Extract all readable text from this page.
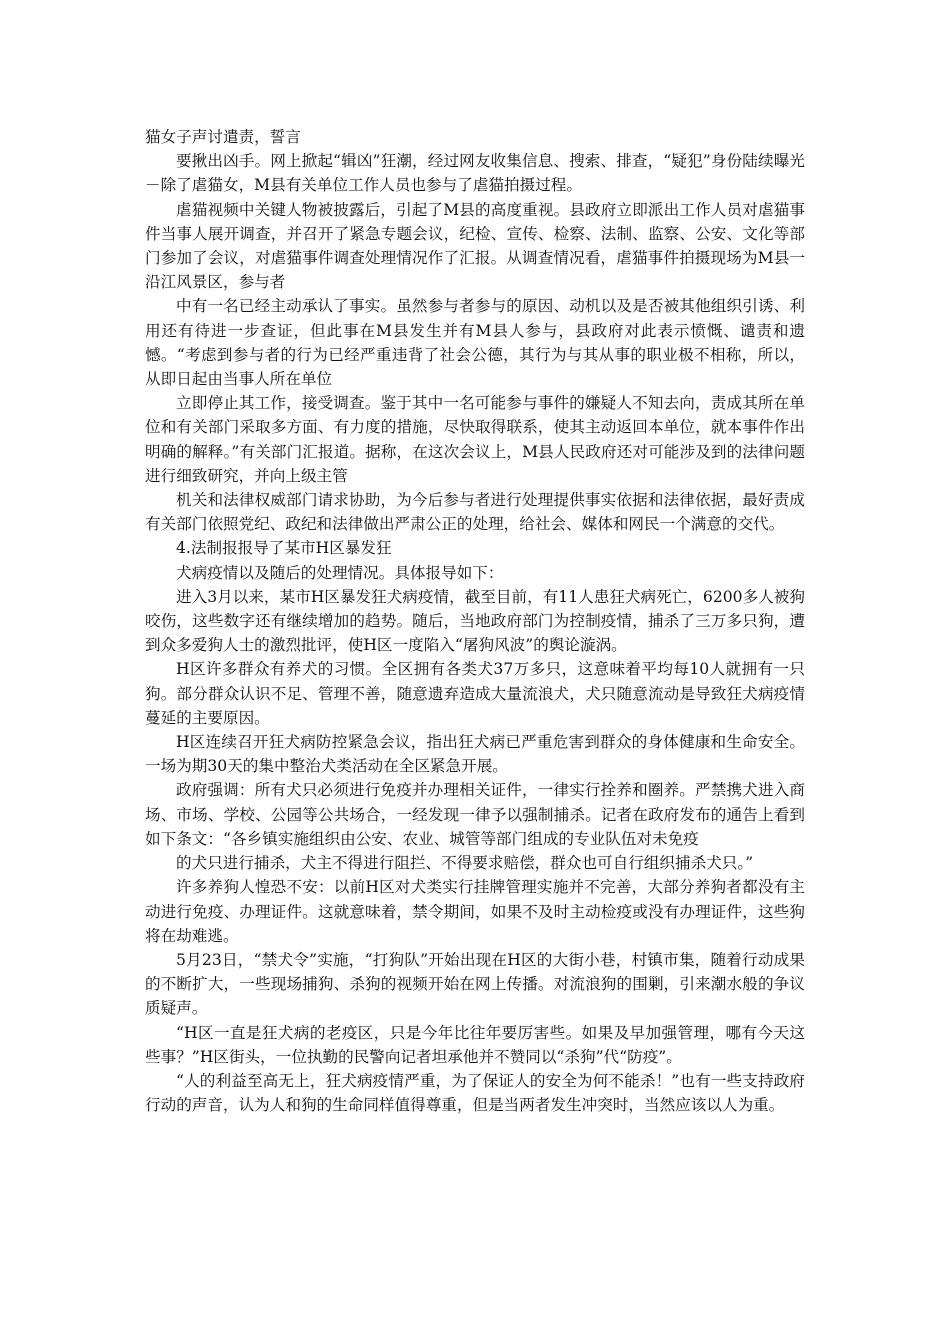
猫女子声讨遣责，誓言

要揪出凶手。网上掀起“辑凶”狂潮，经过网友收集信息、搜索、排查，“疑犯”身份陆续曝光－除了虐猫女，M县有关单位工作人员也参与了虐猫拍摄过程。

虐猫视频中关键人物被披露后，引起了M县的高度重视。县政府立即派出工作人员对虐猫事件当事人展开调查，并召开了紧急专题会议，纪检、宣传、检察、法制、监察、公安、文化等部门参加了会议，对虐猫事件调查处理情况作了汇报。从调查情况看，虐猫事件拍摄现场为M县一沿江风景区，参与者

中有一名已经主动承认了事实。虽然参与者参与的原因、动机以及是否被其他组织引诱、利用还有待进一步查证，但此事在M县发生并有M县人参与，县政府对此表示愤慨、谴责和遗憾。“考虑到参与者的行为已经严重违背了社会公德，其行为与其从事的职业极不相称，所以，从即日起由当事人所在单位

立即停止其工作，接受调查。鉴于其中一名可能参与事件的嫌疑人不知去向，责成其所在单位和有关部门采取多方面、有力度的措施，尽快取得联系，使其主动返回本单位，就本事件作出明确的解释。”有关部门汇报道。据称，在这次会议上，M县人民政府还对可能涉及到的法律问题进行细致研究，并向上级主管

机关和法律权威部门请求协助，为今后参与者进行处理提供事实依据和法律依据，最好责成有关部门依照党纪、政纪和法律做出严肃公正的处理，给社会、媒体和网民一个满意的交代。

4.法制报报导了某市H区暴发狂

犬病疫情以及随后的处理情况。具体报导如下：

进入3月以来，某市H区暴发狂犬病疫情，截至目前，有11人患狂犬病死亡，6200多人被狗咬伤，这些数字还有继续增加的趋势。随后，当地政府部门为控制疫情，捕杀了三万多只狗，遭到众多爱狗人士的激烈批评，使H区一度陷入“屠狗风波”的舆论漩涡。

H区许多群众有养犬的习惯。全区拥有各类犬37万多只，这意味着平均每10人就拥有一只狗。部分群众认识不足、管理不善，随意遗弃造成大量流浪犬，犬只随意流动是导致狂犬病疫情蔓延的主要原因。

H区连续召开狂犬病防控紧急会议，指出狂犬病已严重危害到群众的身体健康和生命安全。一场为期30天的集中整治犬类活动在全区紧急开展。

政府强调：所有犬只必须进行免疫并办理相关证件，一律实行拴养和圈养。严禁携犬进入商场、市场、学校、公园等公共场合，一经发现一律予以强制捕杀。记者在政府发布的通告上看到如下条文：“各乡镇实施组织由公安、农业、城管等部门组成的专业队伍对未免疫

的犬只进行捕杀，犬主不得进行阻拦、不得要求赔偿，群众也可自行组织捕杀犬只。”

许多养狗人惶恐不安：以前H区对犬类实行挂牌管理实施并不完善，大部分养狗者都没有主动进行免疫、办理证件。这就意味着，禁令期间，如果不及时主动检疫或没有办理证件，这些狗将在劫难逃。

5月23日，“禁犬令”实施，“打狗队”开始出现在H区的大街小巷，村镇市集，随着行动成果的不断扩大，一些现场捕狗、杀狗的视频开始在网上传播。对流浪狗的围剿，引来潮水般的争议质疑声。

“H区一直是狂犬病的老疫区，只是今年比往年要厉害些。如果及早加强管理，哪有今天这些事？”H区街头，一位执勤的民警向记者坦承他并不赞同以“杀狗”代“防疫”。

“人的利益至高无上，狂犬病疫情严重，为了保证人的安全为何不能杀！”也有一些支持政府行动的声音，认为人和狗的生命同样值得尊重，但是当两者发生冲突时，当然应该以人为重。
